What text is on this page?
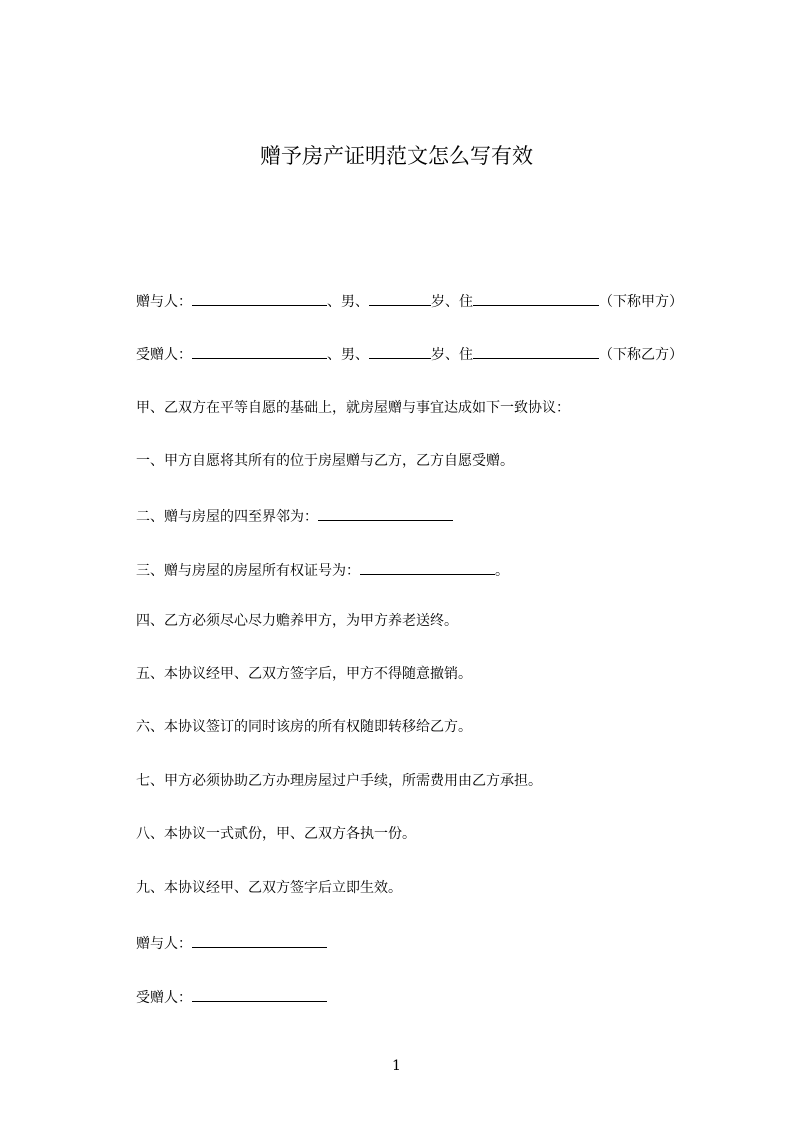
赠予房产证明范文怎么写有效
赠与人：	、男、	岁、住	（下称甲方）
受赠人：	、男、	岁、住	（下称乙方）
甲、乙双方在平等自愿的基础上，就房屋赠与事宜达成如下一致协议：
一、甲方自愿将其所有的位于房屋赠与乙方，乙方自愿受赠。
二、赠与房屋的四至界邻为：
三、赠与房屋的房屋所有权证号为：	。
四、乙方必须尽心尽力赡养甲方，为甲方养老送终。
五、本协议经甲、乙双方签字后，甲方不得随意撤销。
六、本协议签订的同时该房的所有权随即转移给乙方。
七、甲方必须协助乙方办理房屋过户手续，所需费用由乙方承担。
八、本协议一式贰份，甲、乙双方各执一份。
九、本协议经甲、乙双方签字后立即生效。
赠与人：
受赠人：
1
